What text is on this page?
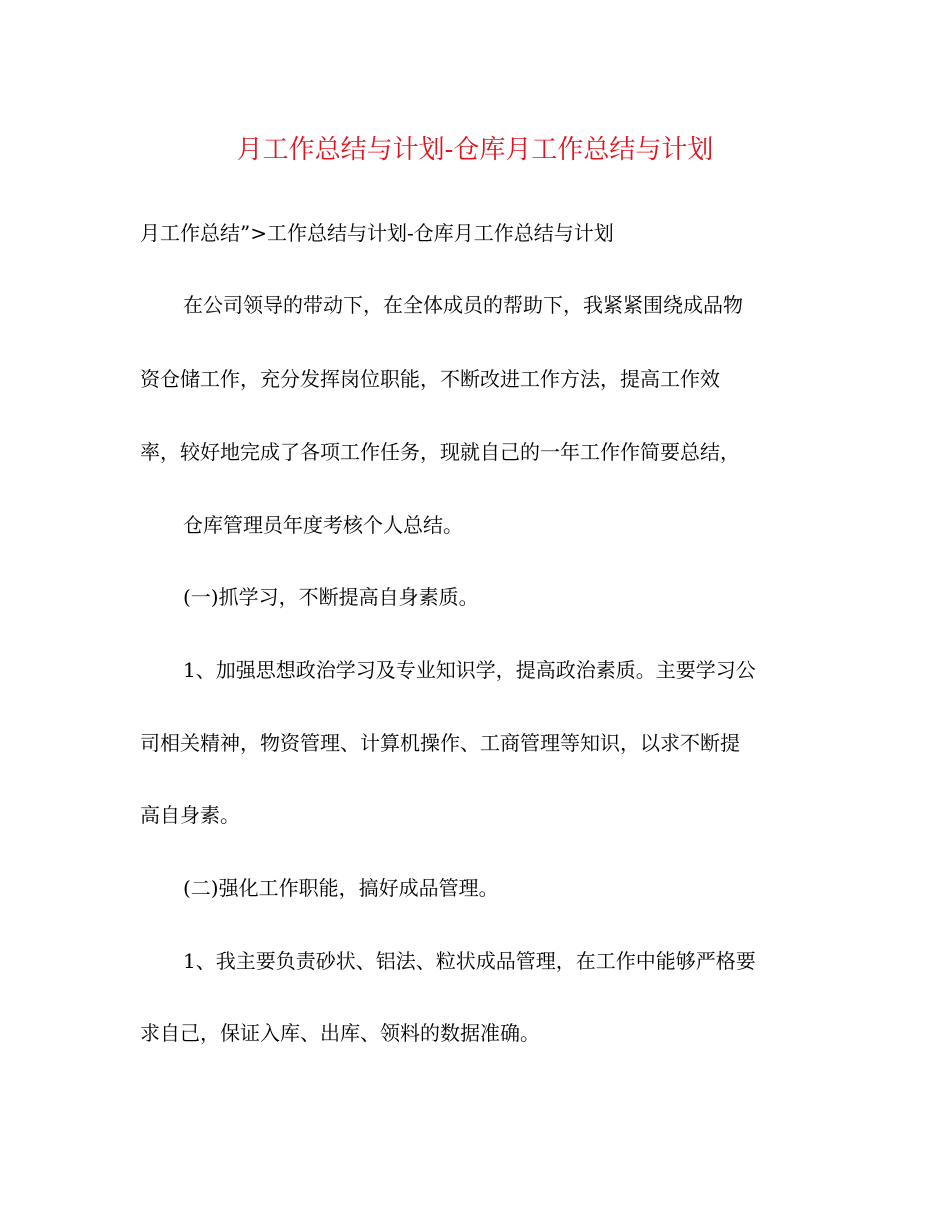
月工作总结与计划-仓库月工作总结与计划

月工作总结”>工作总结与计划-仓库月工作总结与计划

在公司领导的带动下，在全体成员的帮助下，我紧紧围绕成品物

资仓储工作，充分发挥岗位职能，不断改进工作方法，提高工作效

率，较好地完成了各项工作任务，现就自己的一年工作作简要总结，

仓库管理员年度考核个人总结。

(一)抓学习，不断提高自身素质。

1、加强思想政治学习及专业知识学，提高政治素质。主要学习公

司相关精神，物资管理、计算机操作、工商管理等知识，以求不断提

高自身素。

(二)强化工作职能，搞好成品管理。

1、我主要负责砂状、铝法、粒状成品管理，在工作中能够严格要

求自己，保证入库、出库、领料的数据准确。
